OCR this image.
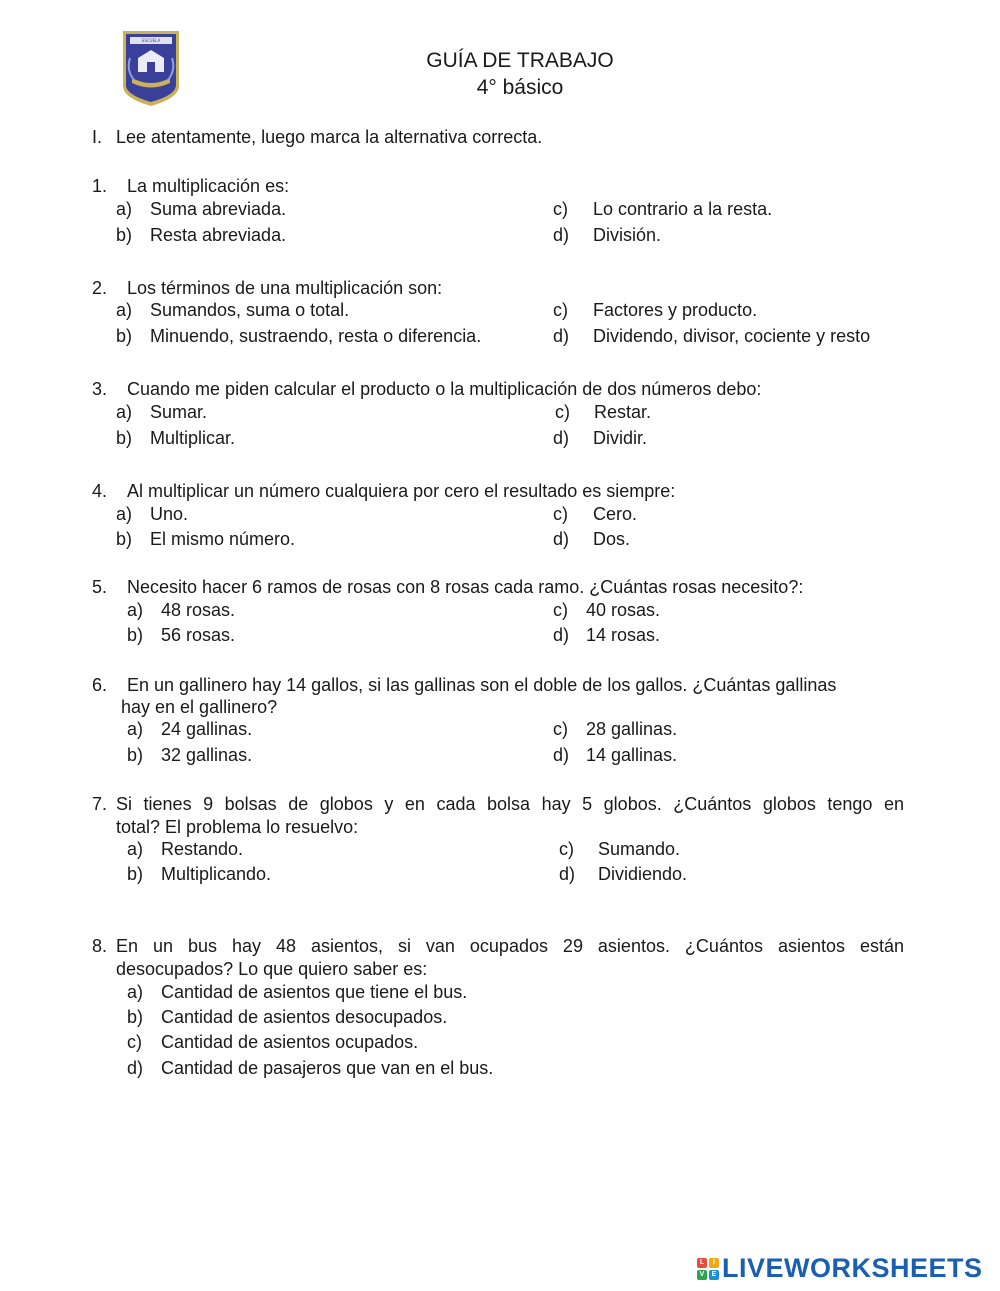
ESCUELA
GUÍA DE TRABAJO
4° básico
I. Lee atentamente, luego marca la alternativa correcta.
1. La multiplicación es:
a) Suma abreviada.
b) Resta abreviada.
c) Lo contrario a la resta.
d) División.
2. Los términos de una multiplicación son:
a) Sumandos, suma o total.
b) Minuendo, sustraendo, resta o diferencia.
c) Factores y producto.
d) Dividendo, divisor, cociente y resto
3. Cuando me piden calcular el producto o la multiplicación de dos números debo:
a) Sumar.
b) Multiplicar.
c) Restar.
d) Dividir.
4. Al multiplicar un número cualquiera por cero el resultado es siempre:
a) Uno.
b) El mismo número.
c) Cero.
d) Dos.
5. Necesito hacer 6 ramos de rosas con 8 rosas cada ramo. ¿Cuántas rosas necesito?:
a) 48 rosas.
b) 56 rosas.
c) 40 rosas.
d) 14 rosas.
6. En un gallinero hay 14 gallos, si las gallinas son el doble de los gallos. ¿Cuántas gallinas
hay en el gallinero?
a) 24 gallinas.
b) 32 gallinas.
c) 28 gallinas.
d) 14 gallinas.
7. Si tienes 9 bolsas de globos y en cada bolsa hay 5 globos. ¿Cuántos globos tengo en
total? El problema lo resuelvo:
a) Restando.
b) Multiplicando.
c) Sumando.
d) Dividiendo.
8. En un bus hay 48 asientos, si van ocupados 29 asientos. ¿Cuántos asientos están
desocupados? Lo que quiero saber es:
a) Cantidad de asientos que tiene el bus.
b) Cantidad de asientos desocupados.
c) Cantidad de asientos ocupados.
d) Cantidad de pasajeros que van en el bus.
L	I
V	E LIVEWORKSHEETS
